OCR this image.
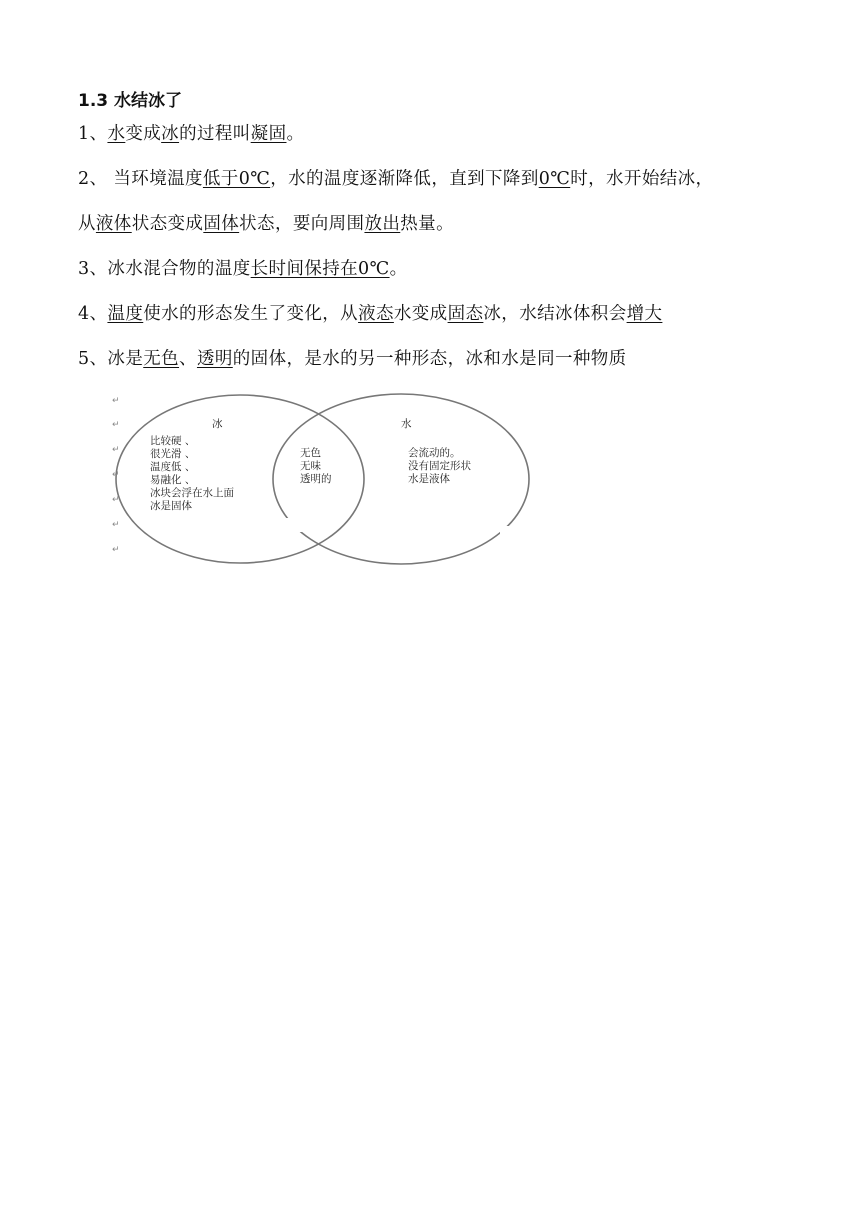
1.3 水结冰了
1、水变成冰的过程叫凝固。
2、 当环境温度低于0℃，水的温度逐渐降低，直到下降到0℃时，水开始结冰，
从液体状态变成固体状态，要向周围放出热量。
3、冰水混合物的温度长时间保持在0℃。
4、温度使水的形态发生了变化，从液态水变成固态冰，水结冰体积会增大
5、冰是无色、透明的固体，是水的另一种形态，冰和水是同一种物质
↵
↵
↵
↵
↵
↵
↵
冰	水
比较硬 、
很光滑 、
温度低 、
易融化 、
冰块会浮在水上面
冰是固体
无色
无味
透明的
会流动的。
没有固定形状
水是液体
